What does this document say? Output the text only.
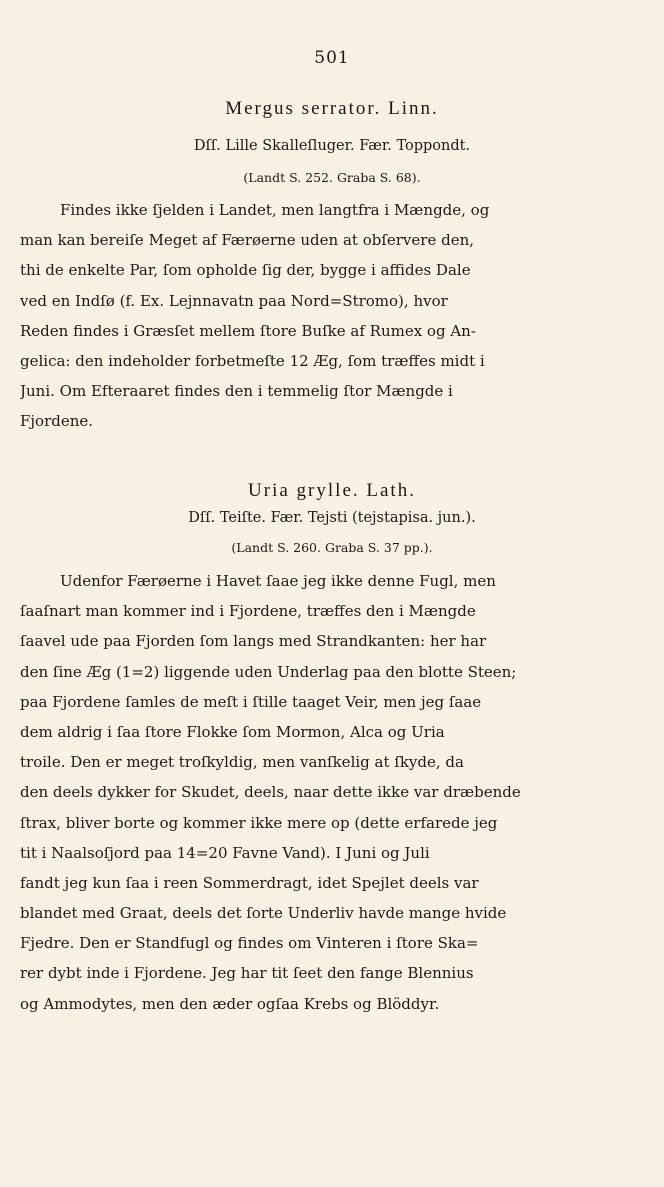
501
Mergus serrator. Linn.
Dſſ. Lille Skalleſluger. Fær. Toppondt.
(Landt S. 252. Graba S. 68).
Findes ikke ſjelden i Landet, men langtfra i Mængde, og
man kan bereiſe Meget af Færøerne uden at obſervere den,
thi de enkelte Par, ſom opholde ſig der, bygge i affides Dale
ved en Indſø (f. Ex. Lejnnavatn paa Nord=Stromo), hvor
Reden findes i Græsſet mellem ſtore Buſke af Rumex og An-
gelica: den indeholder forbetmeſte 12 Æg, ſom træffes midt i
Juni. Om Efteraaret findes den i temmelig ſtor Mængde i
Fjordene.
Uria grylle. Lath.
Dſſ. Teiſte. Fær. Tejsti (tejstapisa. jun.).
(Landt S. 260. Graba S. 37 pp.).
Udenfor Færøerne i Havet ſaae jeg ikke denne Fugl, men
ſaaſnart man kommer ind i Fjordene, træffes den i Mængde
ſaavel ude paa Fjorden ſom langs med Strandkanten: her har
den ſine Æg (1=2) liggende uden Underlag paa den blotte Steen;
paa Fjordene ſamles de meſt i ſtille taaget Veir, men jeg ſaae
dem aldrig i ſaa ſtore Flokke ſom Mormon, Alca og Uria
troile. Den er meget troſkyldig, men vanſkelig at ſkyde, da
den deels dykker for Skudet, deels, naar dette ikke var dræbende
ſtrax, bliver borte og kommer ikke mere op (dette erfarede jeg
tit i Naalsoſjord paa 14=20 Favne Vand). I Juni og Juli
fandt jeg kun ſaa i reen Sommerdragt, idet Spejlet deels var
blandet med Graat, deels det ſorte Underliv havde mange hvide
Fjedre. Den er Standfugl og findes om Vinteren i ſtore Ska=
rer dybt inde i Fjordene. Jeg har tit ſeet den fange Blennius
og Ammodytes, men den æder ogſaa Krebs og Blöddyr.
